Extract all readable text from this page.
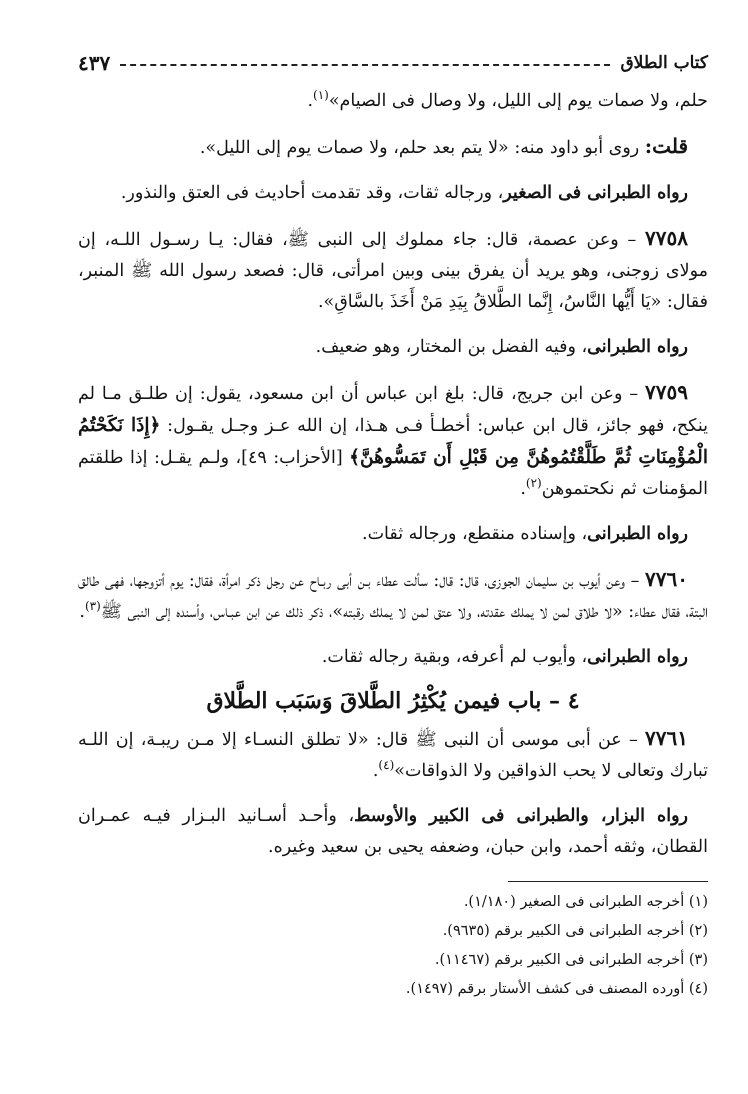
كتاب الطلاق
٤٣٧

حلم، ولا صمات يوم إلى الليل، ولا وصال فى الصيام»$^{(١)}$.

قلت: روى أبو داود منه: «لا يتم بعد حلم، ولا صمات يوم إلى الليل».

رواه الطبرانى فى الصغير، ورجاله ثقات، وقد تقدمت أحاديث فى العتق والنذور.

٧٧٥٨ – وعن عصمة، قال: جاء مملوك إلى النبى ﷺ، فقال: يـا رسـول اللـه، إن مولاى زوجنى، وهو يريد أن يفرق بينى وبين امرأتى، قال: فصعد رسول الله ﷺ المنبر، فقال: «يَا أَيُّها النَّاسُ، إِنَّما الطَّلاقُ بِيَدِ مَنْ أَخَذَ بالسَّاقِ».

رواه الطبرانى، وفيه الفضل بن المختار، وهو ضعيف.

٧٧٥٩ – وعن ابن جريج، قال: بلغ ابن عباس أن ابن مسعود، يقول: إن طلـق مـا لم ينكح، فهو جائز، قال ابن عباس: أخطـأ فـى هـذا، إن الله عـز وجـل يقـول: ﴿إِذَا نَكَحْتُمُ الْمُؤْمِنَاتِ ثُمَّ طَلَّقْتُمُوهُنَّ مِن قَبْلِ أَن تَمَسُّوهُنَّ﴾ [الأحزاب: ٤٩]، ولـم يقـل: إذا طلقتم المؤمنات ثم نكحتموهن$^{(٢)}$.

رواه الطبرانى، وإسناده منقطع، ورجاله ثقات.

٧٧٦٠ – وعن أيوب بن سليمان الجوزى، قال: قال: سألت عطاء بـن أبى ربـاح عن رجل ذكر امرأة، فقال: يوم أتزوجها، فهى طالق البتة، فقال عطاء: «لا طلاق لمن لا يملك عقدته، ولا عتق لمن لا يملك رقبته»، ذكر ذلك عن ابن عبـاس، وأسنده إلى النبى ﷺ$^{(٣)}$.

رواه الطبرانى، وأيوب لم أعرفه، وبقية رجاله ثقات.

٤ – باب فيمن يُكْثِرُ الطَّلاقَ وَسَبَب الطَّلاق

٧٧٦١ – عن أبى موسى أن النبى ﷺ قال: «لا تطلق النسـاء إلا مـن ريبـة، إن اللـه تبارك وتعالى لا يحب الذواقين ولا الذواقات»$^{(٤)}$.

رواه البزار، والطبرانى فى الكبير والأوسط، وأحـد أسـانيد البـزار فيـه عمـران القطان، وثقه أحمد، وابن حبان، وضعفه يحيى بن سعيد وغيره.

(١) أخرجه الطبرانى فى الصغير (١/١٨٠).

(٢) أخرجه الطبرانى فى الكبير برقم (٩٦٣٥).

(٣) أخرجه الطبرانى فى الكبير برقم (١١٤٦٧).

(٤) أورده المصنف فى كشف الأستار برقم (١٤٩٧).
